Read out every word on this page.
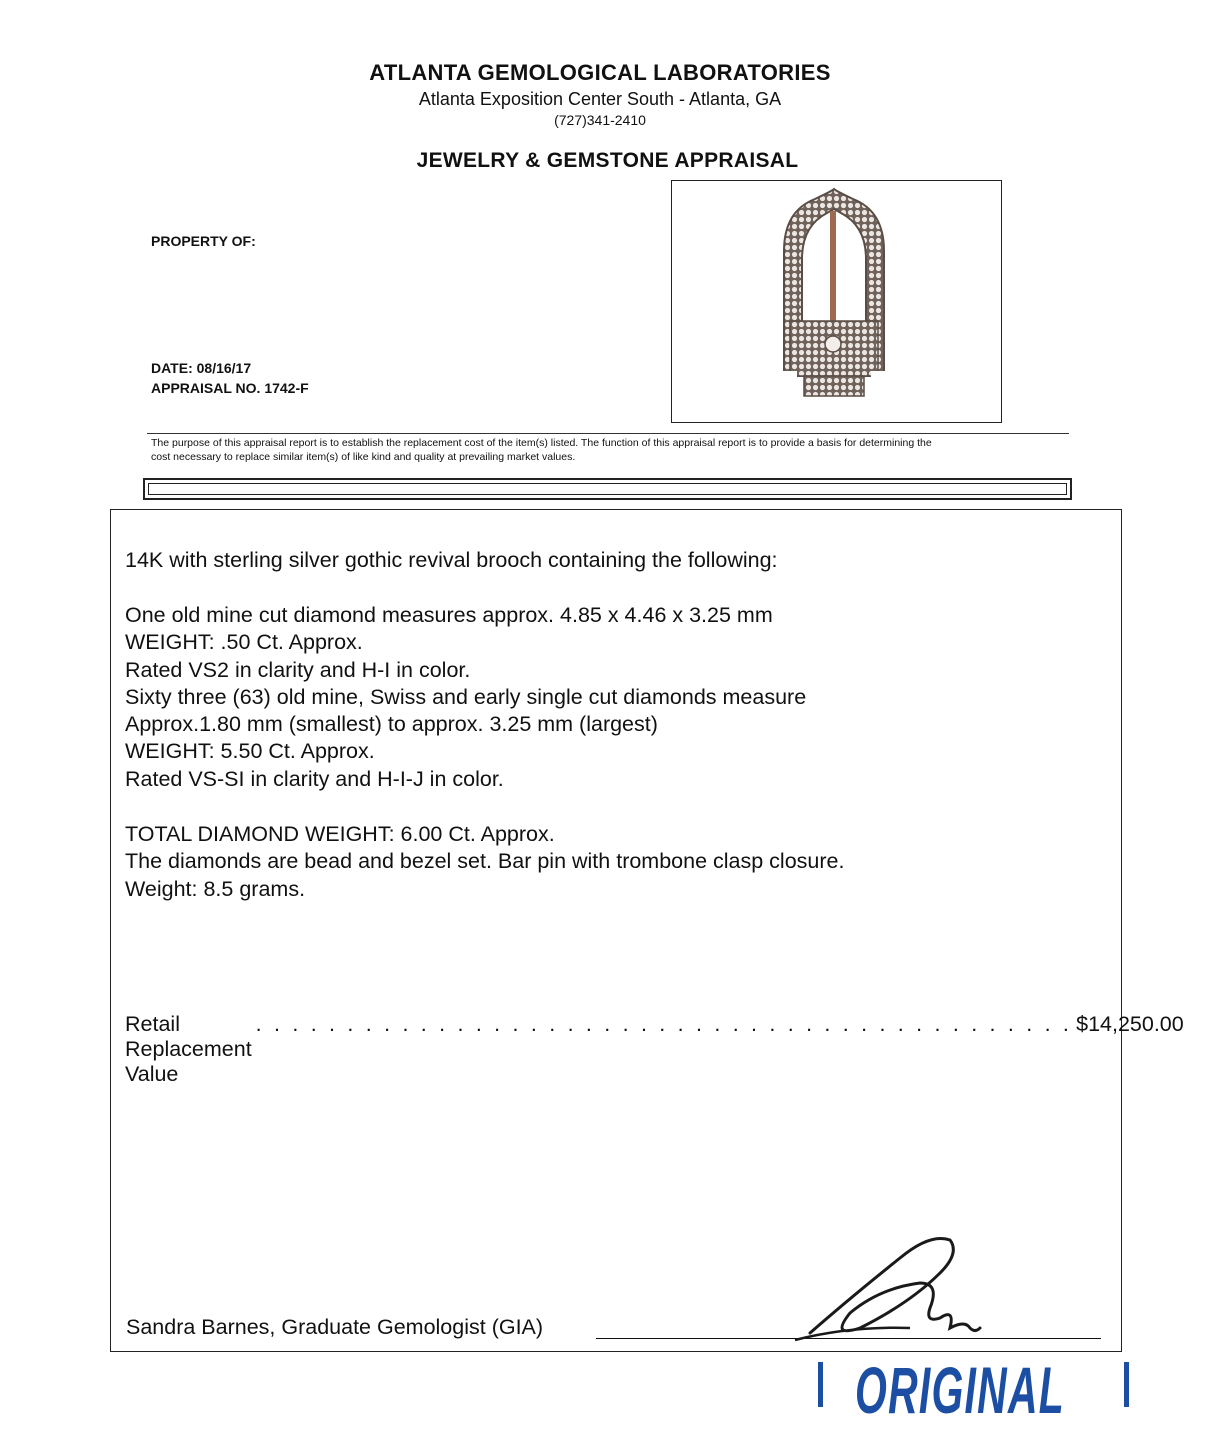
ATLANTA GEMOLOGICAL LABORATORIES
Atlanta Exposition Center South - Atlanta, GA
(727)341-2410
JEWELRY & GEMSTONE APPRAISAL
PROPERTY OF:
DATE: 08/16/17
APPRAISAL NO. 1742-F
The purpose of this appraisal report is to establish the replacement cost of the item(s) listed. The function of this appraisal report is to provide a basis for determining the
cost necessary to replace similar item(s) of like kind and quality at prevailing market values.
14K with sterling silver gothic revival brooch containing the following:
One old mine cut diamond measures approx. 4.85 x 4.46 x 3.25 mm
WEIGHT: .50 Ct. Approx.
Rated VS2 in clarity and H-I in color.
Sixty three (63) old mine, Swiss and early single cut diamonds measure
Approx.1.80 mm (smallest) to approx. 3.25 mm (largest)
WEIGHT: 5.50 Ct. Approx.
Rated VS-SI in clarity and H-I-J in color.
TOTAL DIAMOND WEIGHT: 6.00 Ct. Approx.
The diamonds are bead and bezel set. Bar pin with trombone clasp closure.
Weight: 8.5 grams.
Retail Replacement Value
. . . . . . . . . . . . . . . . . . . . . . . . . . . . . . . . . . . . . . . . . . . . . $14,250.00
Sandra Barnes, Graduate Gemologist (GIA)
ORIGINAL
